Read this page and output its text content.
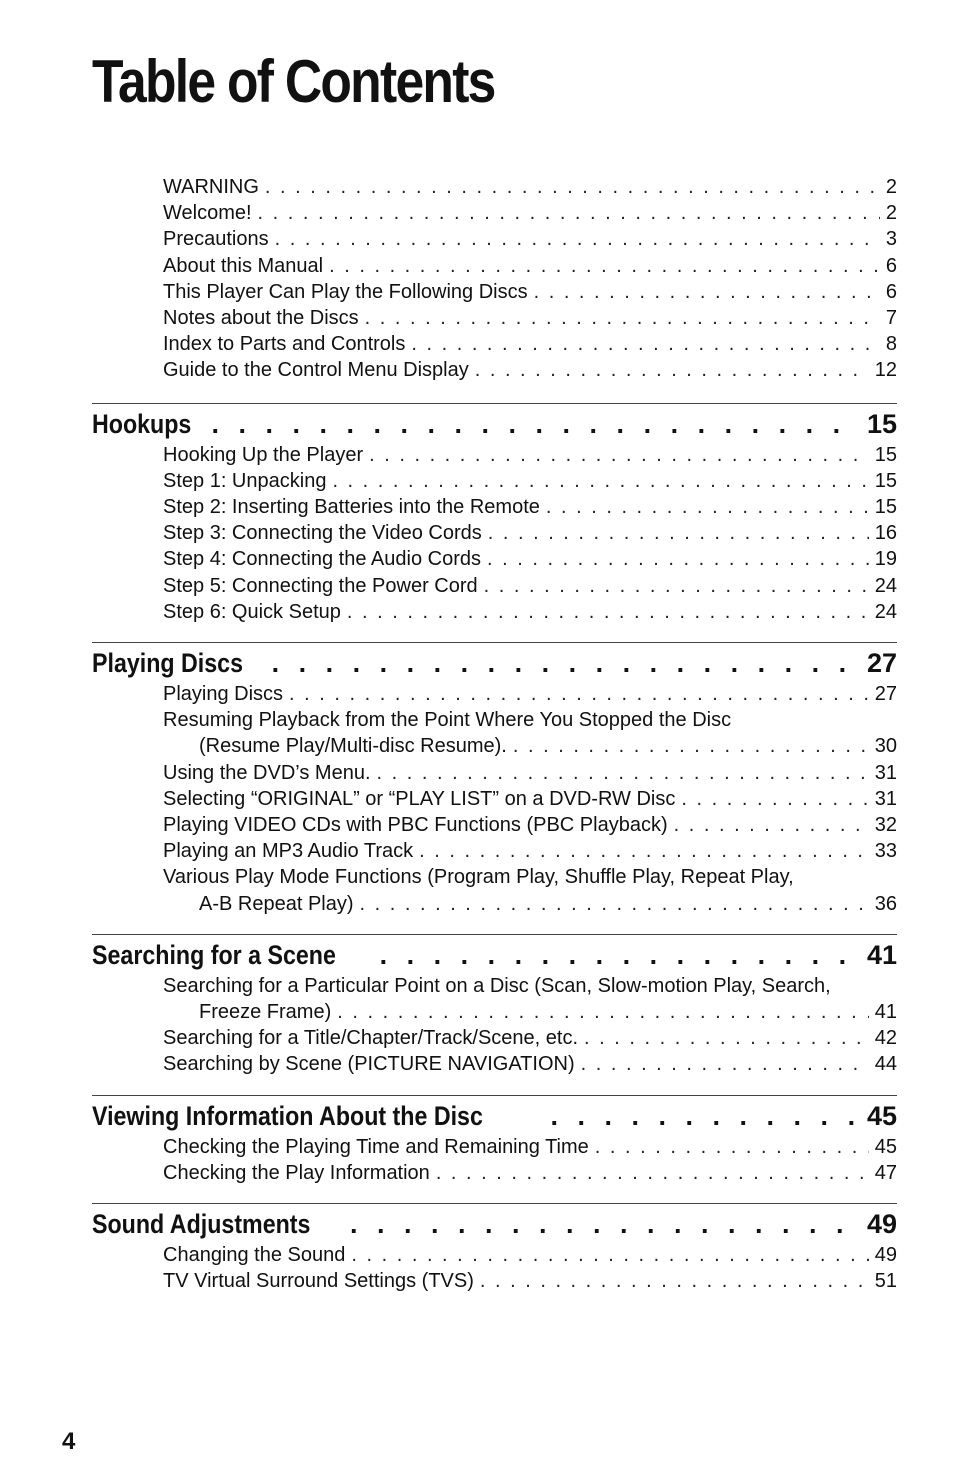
Table of Contents
WARNING . . .	2
Welcome! . . .	2
Precautions . . .	3
About this Manual . . .	6
This Player Can Play the Following Discs . . .	6
Notes about the Discs . . .	7
Index to Parts and Controls . . .	8
Guide to the Control Menu Display . . .	12
Hookups . . .	15
Hooking Up the Player . . .	15
Step 1: Unpacking . . .	15
Step 2: Inserting Batteries into the Remote . . .	15
Step 3: Connecting the Video Cords . . .	16
Step 4: Connecting the Audio Cords . . .	19
Step 5: Connecting the Power Cord . . .	24
Step 6: Quick Setup . . .	24
Playing Discs . . .	27
Playing Discs . . .	27
Resuming Playback from the Point Where You Stopped the Disc
(Resume Play/Multi-disc Resume). . . .	30
Using the DVD’s Menu. . . .	31
Selecting “ORIGINAL” or “PLAY LIST” on a DVD-RW Disc . . .	31
Playing VIDEO CDs with PBC Functions (PBC Playback) . . .	32
Playing an MP3 Audio Track . . .	33
Various Play Mode Functions (Program Play, Shuffle Play, Repeat Play,
A-B Repeat Play) . . .	36
Searching for a Scene . . .	41
Searching for a Particular Point on a Disc (Scan, Slow-motion Play, Search,
Freeze Frame) . . .	41
Searching for a Title/Chapter/Track/Scene, etc. . . .	42
Searching by Scene (PICTURE NAVIGATION) . . .	44
Viewing Information About the Disc . . .	45
Checking the Playing Time and Remaining Time . . .	45
Checking the Play Information . . .	47
Sound Adjustments . . .	49
Changing the Sound . . .	49
TV Virtual Surround Settings (TVS) . . .	51
4
